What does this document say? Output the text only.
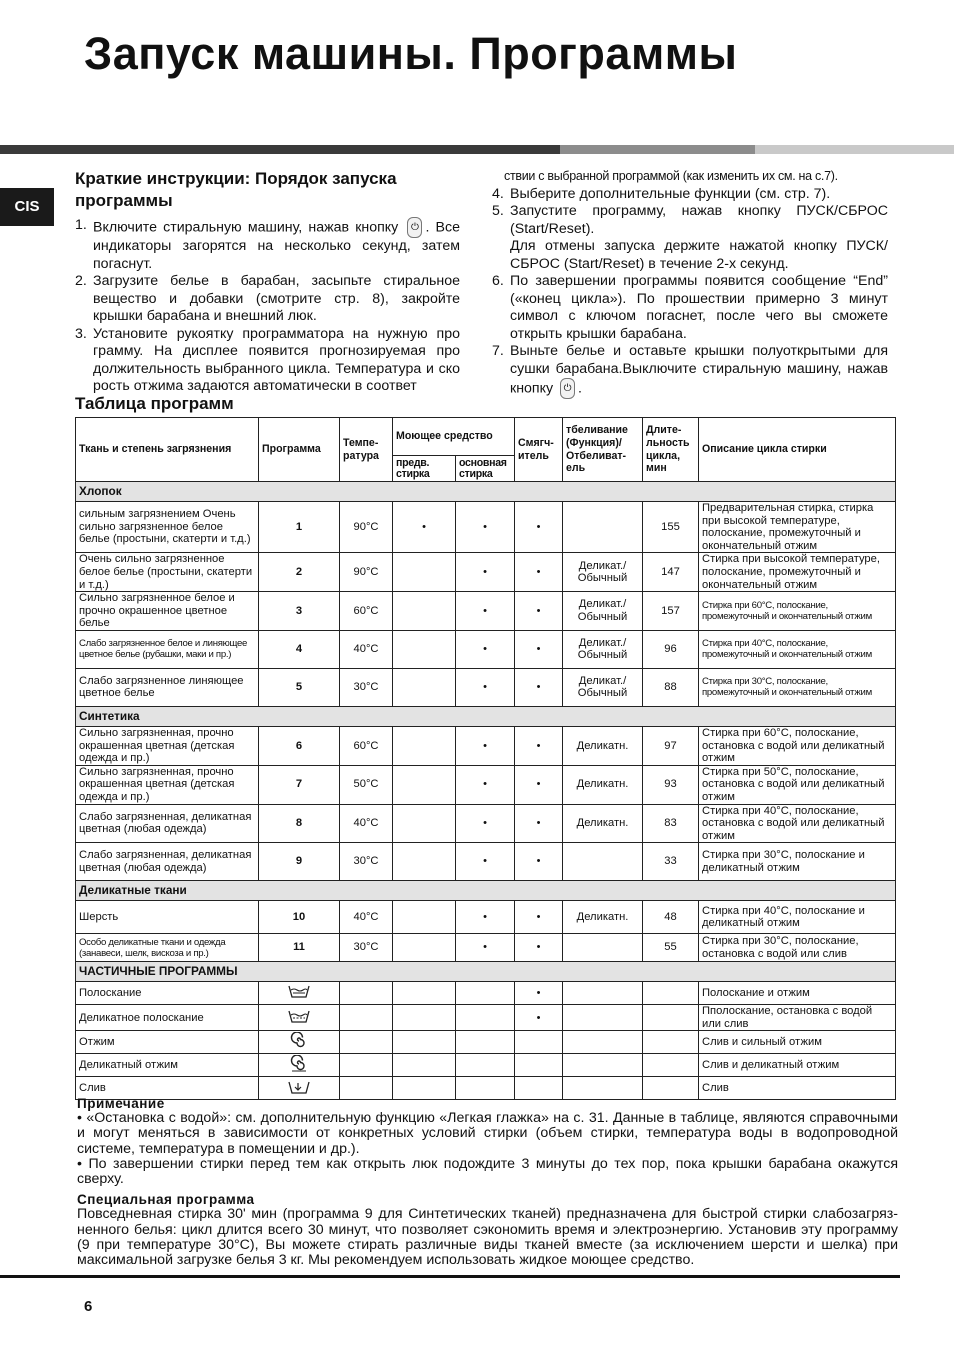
Запуск машины. Программы
CIS
Краткие инструкции: Порядок запуска программы
1. Включите стиральную машину, нажав кнопку ⏻ . Все индикаторы загорятся на несколько секунд, затем погаснут.
2. Загрузите белье в барабан, засыпьте стиральное вещество и добавки (смотрите стр. 8), закройте крышки барабана и внешний люк.
3. Установите рукоятку программатора на нужную про грамму. На дисплее появится прогнозируемая про должительность выбранного цикла. Температура и ско рость отжима задаются автоматически в соответ
ствии с выбранной программой (как изменить их см. на с.7).
4. Выберите дополнительные функции (см. стр. 7).
5. Запустите программу, нажав кнопку ПУСК/СБРОС (Start/Reset).
Для отмены запуска держите нажатой кнопку ПУСК/ СБРОС (Start/Reset) в течение 2-х секунд.
6. По завершении программы появится сообщение “End” («конец цикла»). По прошествии примерно 3 минут символ с ключом погаснет, после чего вы сможете открыть крышки барабана.
7. Выньте белье и оставьте крышки полуоткрытыми для сушки барабана.Выключите стиральную машину, нажав кнопку ⏻ .
Таблица программ
Ткань и степень загрязнения	Программа	Темпе-ратура	Моющее средство		Смягч-итель	тбеливание (Функция)/ Отбеливат-ель	Длите-льность цикла, мин	Описание цикла стирки
			предв. стирка	основная стирка				
Хлопок								
сильным загрязнением Очень сильно загрязненное белое белье (простыни, скатерти и т.д.)	1	90°C	•	•	•		155	Предварительная стирка, стирка при высокой температуре, полоскание, промежуточный и окончательный отжим
Очень сильно загрязненное белое белье (простыни, скатерти и т.д.)	2	90°C		•	•	Деликат./ Обычный	147	Стирка при высокой температуре, полоскание, промежуточный и окончательный отжим
Сильно загрязненное белое и прочно окрашенное цветное белье	3	60°C		•	•	Деликат./ Обычный	157	Стирка при 60°C, полоскание, промежуточный и окончательный отжим
Слабо загрязненное белое и линяющее цветное белье (рубашки, маки и пр.)	4	40°C		•	•	Деликат./ Обычный	96	Стирка при 40°C, полоскание, промежуточный и окончательный отжим
Слабо загрязненное линяющее цветное белье	5	30°C		•	•	Деликат./ Обычный	88	Стирка при 30°C, полоскание, промежуточный и окончательный отжим
Синтетика								
Сильно загрязненная, прочно окрашенная цветная (детская одежда и пр.)	6	60°C		•	•	Деликатн.	97	Стирка при 60°C, полоскание, остановка с водой или деликатный отжим
Сильно загрязненная, прочно окрашенная цветная (детская одежда и пр.)	7	50°C		•	•	Деликатн.	93	Стирка при 50°C, полоскание, остановка с водой или деликатный отжим
Слабо загрязненная, деликатная цветная (любая одежда)	8	40°C		•	•	Деликатн.	83	Стирка при 40°C, полоскание, остановка с водой или деликатный отжим
Слабо загрязненная, деликатная цветная (любая одежда)	9	30°C		•	•		33	Стирка при 30°C, полоскание и деликатный отжим
Деликатные ткани								
Шерсть	10	40°C		•	•	Деликатн.	48	Стирка при 40°C, полоскание и деликатный отжим
Особо деликатные ткани и одежда (занавеси, шелк, вискоза и пр.)	11	30°C		•	•		55	Стирка при 30°C, полоскание, остановка с водой или слив
ЧАСТИЧНЫЕ ПРОГРАММЫ								
Полоскание					•			Полоскание и отжим
Деликатное полоскание					•			Пполоскание, остановка с водой или слив
Отжим								Слив и сильный отжим
Деликатный отжим								Слив и деликатный отжим
Слив								Слив

Примечание

• «Остановка с водой»: см. дополнительную функцию «Легкая глажка» на с. 31. Данные в таблице, являются справочными и могут меняться в зависимости от конкретных условий стирки (объем стирки, температура воды в водопроводной системе, температура в помещении и др.).

• По завершении стирки перед тем как открыть люк подождите 3 минуты до тех пор, пока крышки барабана окажутся сверху.

Специальная программа

Повседневная стирка 30' мин (программа 9 для Синтетических тканей) предназначена для быстрой стирки слабозагрязненного белья: цикл длится всего 30 минут, что позволяет сэкономить время и электроэнергию. Установив эту программу (9 при температуре 30°C), Вы можете стирать различные виды тканей вместе (за исключением шерсти и шелка) при максимальной загрузке белья 3 кг. Мы рекомендуем использовать жидкое моющее средство.

6
